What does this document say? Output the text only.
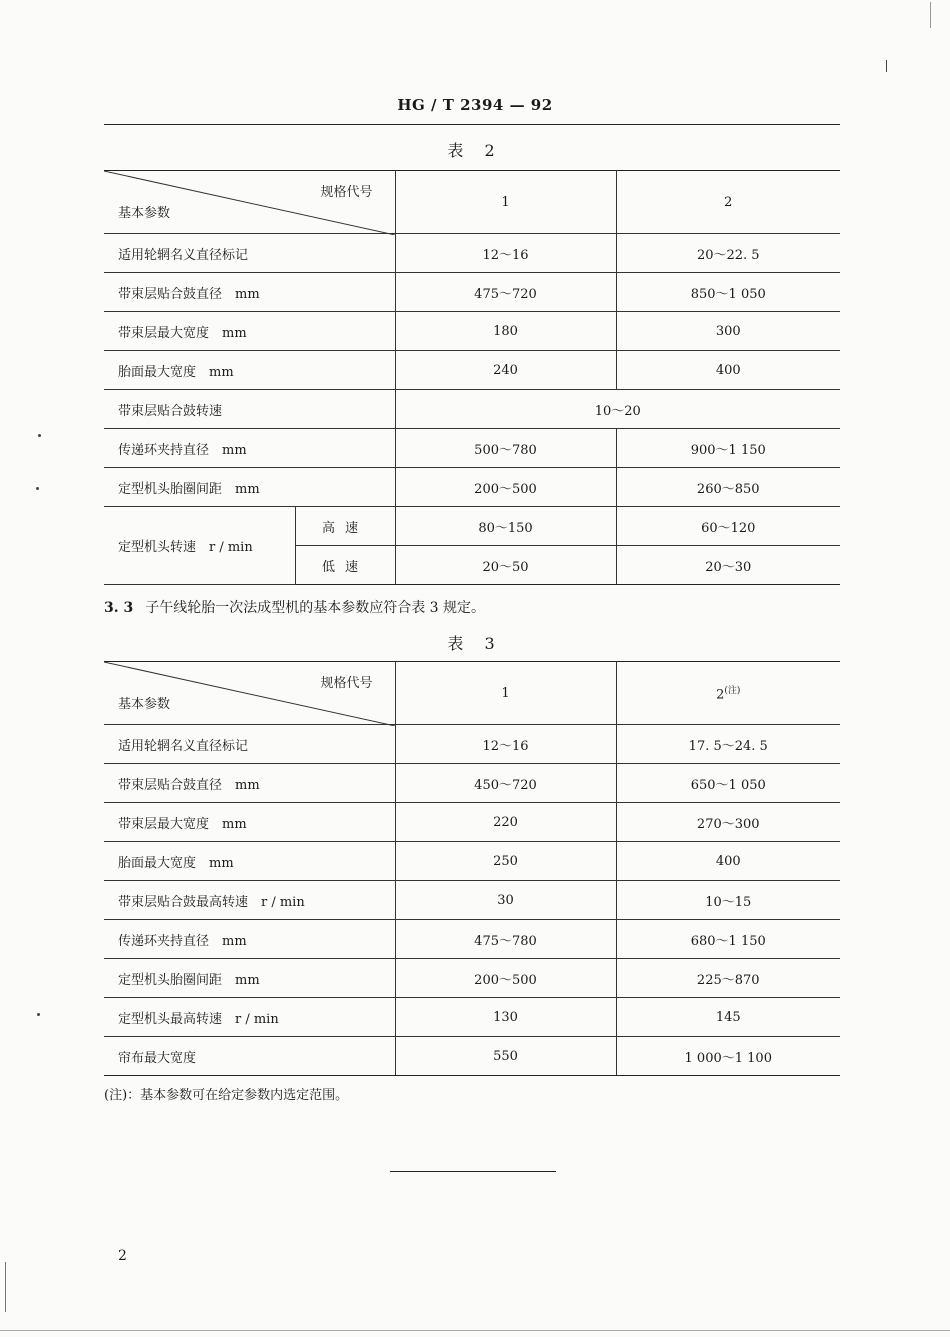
HG / T 2394 — 92
表 2
规格代号
基本参数		1	2
适用轮辋名义直径标记		12～16	20～22. 5
带束层贴合鼓直径　mm		475～720	850～1 050
带束层最大宽度　mm		180	300
胎面最大宽度　mm		240	400
带束层贴合鼓转速		10～20	
传递环夹持直径　mm		500～780	900～1 150
定型机头胎圈间距　mm		200～500	260～850
定型机头转速　r / min	高速	80～150	60～120
	低速	20～50	20～30
3. 3 子午线轮胎一次法成型机的基本参数应符合表 3 规定。
表 3
规格代号
基本参数	1	$2^{(注)}$
适用轮辋名义直径标记	12～16	17. 5～24. 5
带束层贴合鼓直径　mm	450～720	650～1 050
带束层最大宽度　mm	220	270～300
胎面最大宽度　mm	250	400
带束层贴合鼓最高转速　r / min	30	10～15
传递环夹持直径　mm	475～780	680～1 150
定型机头胎圈间距　mm	200～500	225～870
定型机头最高转速　r / min	130	145
帘布最大宽度	550	1 000～1 100
(注)：基本参数可在给定参数内选定范围。
2
